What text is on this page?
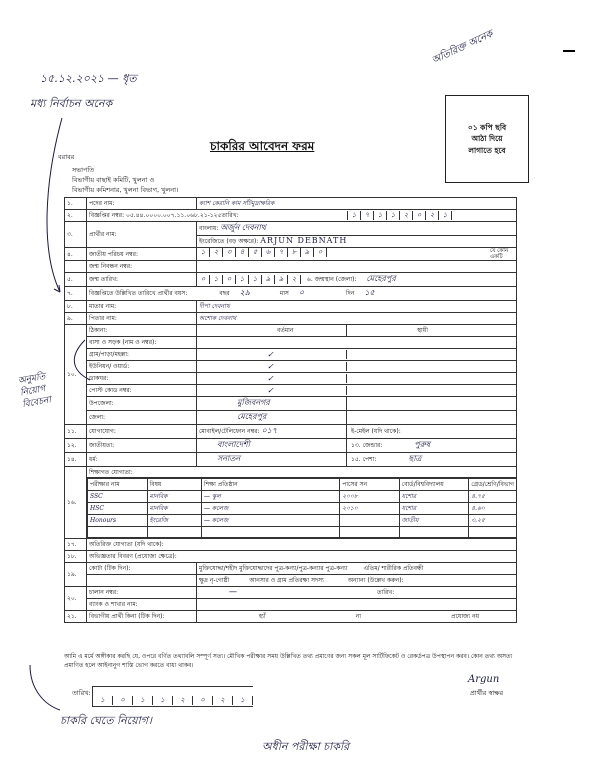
১৫.১২.২০২১ — ধৃত
মধ্য নির্বাচন অনেক
অতিরিক্ত অনেক
অনুমতি নিয়োগ বিবেচনা
০১ কপি ছবি
আঠা দিয়ে
লাগাতে হবে
চাকরির আবেদন ফরম
বরাবর
সভাপতি
বিভাগীয় বাছাই কমিটি, খুলনা ও
বিভাগীয় কমিশনার, খুলনা বিভাগ, খুলনা।
১.	পদের নাম:	ক্যাশ কেরানি কাম সাঁটমুদ্রাক্ষরিক
২.	বিজ্ঞপ্তির নম্বর: ০৫.৪৪.০০০০.০০৭.১১.০৬৮.২১-১২৫তারিখ:	১ ৭ ১ ১ ২ ০ ২ ১
৩.	প্রার্থীর নাম:	বাংলায়: অর্জুন দেবনাথ
ইংরেজিতে (বড় অক্ষরে): ARJUN DEBNATH
৪.	জাতীয় পরিচয় নম্বর:	১ ২ ৩ ৪ ৫ ৬ ৭ ৮ ৯ ০	যে কোন একটি

	জন্ম নিবন্ধন নম্বর:	
৫.	জন্ম তারিখ:	০ ১ ০ ১ ১ ৯ ৯ ২ ৬. জন্মস্থান (জেলা): মেহেরপুর
৭.	বিজ্ঞপ্তিতে উল্লিখিত তারিখে প্রার্থীর বয়স:	বছর ২৯	মাস ০	দিন ১৫
৮.	মাতার নাম:	দীপা দেবনাথ
৯.	পিতার নাম:	অশোক দেবনাথ
১০.	ঠিকানা:	বর্তমান	স্থায়ী
বাসা ও সড়ক (নাম ও নম্বর):	
গ্রাম/পাড়া/মহল্লা:	✓
ইউনিয়ন/ ওয়ার্ড:	✓
ডাকঘর:	✓
পোস্ট কোড নম্বর:	✓
উপজেলা:	মুজিবনগর
জেলা:	মেহেরপুর
১১.	যোগাযোগ:	মোবাইল/টেলিফোন নম্বর: ০১৭	ই-মেইল (যদি থাকে):
১২.	জাতীয়তা:	বাংলাদেশী	১৩. জেন্ডার:	পুরুষ
১৪.	ধর্ম:	সনাতন	১৫. পেশা:	ছাত্র
১৬.	
শিক্ষাগত যোগ্যতা:
পরীক্ষার নাম	বিষয়	শিক্ষা প্রতিষ্ঠান	পাসের সন	বোর্ড/বিশ্ববিদ্যালয়	গ্রেড/শ্রেণি/বিভাগ
SSC	মানবিক	— স্কুল	২০০৮	যশোর	৪.৭৫
HSC	মানবিক	— কলেজ	২০১০	যশোর	৪.৬০
Honours	ইংরেজি	— কলেজ		জাতীয়	৩.২৫

১৭.	অতিরিক্ত যোগ্যতা (যদি থাকে):
১৮.	অভিজ্ঞতার বিবরণ (প্রযোজ্য ক্ষেত্রে):
১৯.	কোটা (টিক দিন):	মুক্তিযোদ্ধা/শহীদ মুক্তিযোদ্ধাদের পুত্র-কন্যা/পুত্র-কন্যার পুত্র-কন্যা	এতিম/ শারীরিক প্রতিবন্ধী
	ক্ষুদ্র নৃ-গোষ্ঠী	আনসার ও গ্রাম প্রতিরক্ষা সদস্য	অন্যান্য (উল্লেখ করুন):
২০.	চালান নম্বর:	—	তারিখ:
ব্যাংক ও শাখার নাম:	
২১.	বিভাগীয় প্রার্থী কিনা (টিক দিন):	হ্যাঁ	না	প্রযোজ্য নয়
আমি এ মর্মে অঙ্গীকার করছি যে, ওপরে বর্ণিত তথ্যাবলি সম্পূর্ণ সত্য। মৌখিক পরীক্ষার সময় উল্লিখিত তথ্য প্রমাণের জন্য সকল মূল সার্টিফিকেট ও রেকর্ডপত্র উপস্থাপন করব। কোন তথ্য অসত্য প্রমাণিত হলে আইনানুগ শাস্তি ভোগ করতে বাধ্য থাকব।
Argun
প্রার্থীর স্বাক্ষর
তারিখ:
১ ০ ১ ১ ২ ০ ২ ১
চাকরি ঘেতে নিয়োগ।
অধীন পরীক্ষা চাকরি
